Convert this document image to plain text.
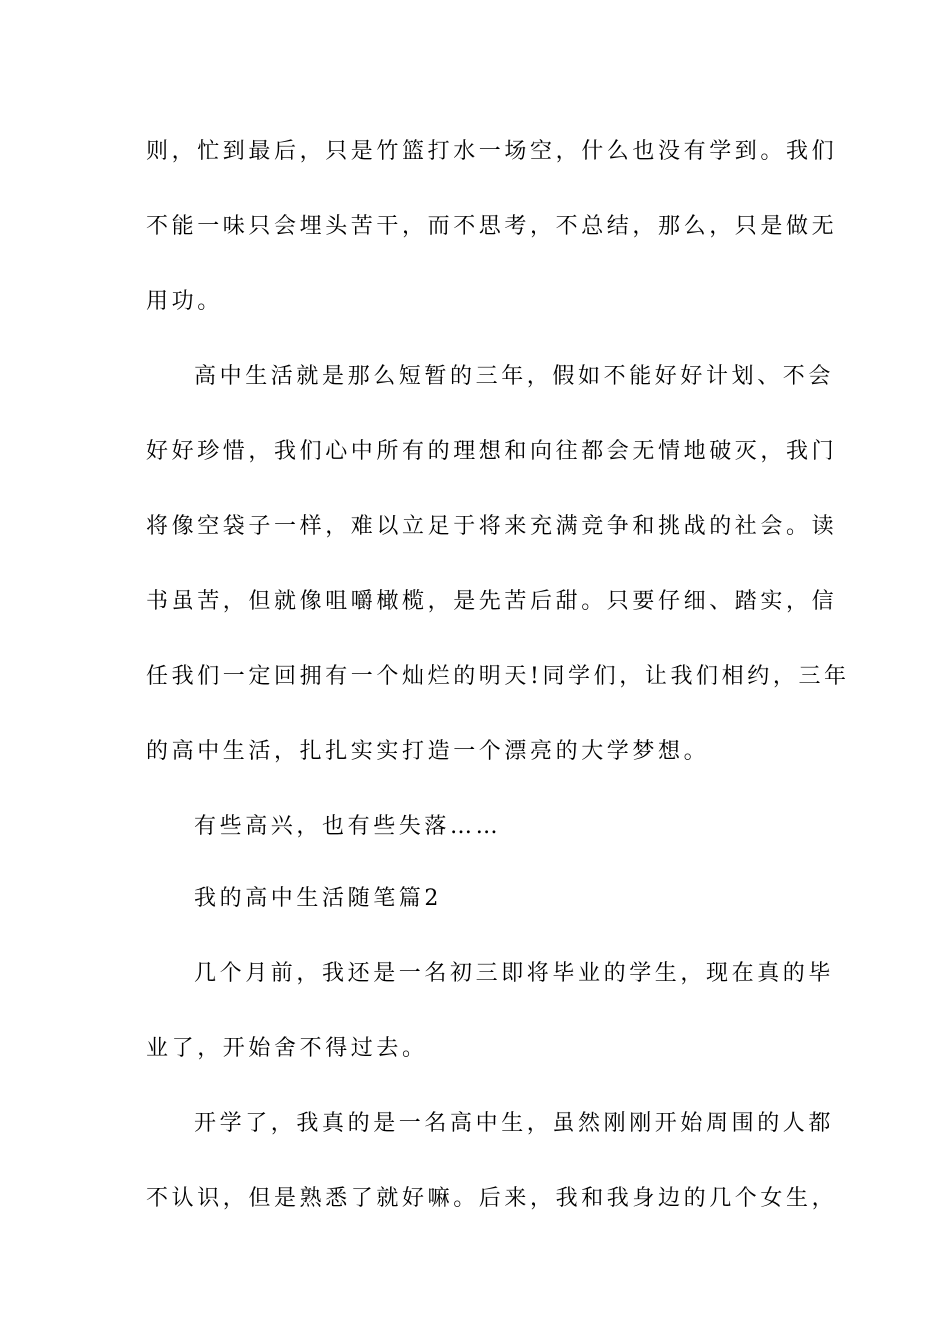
则，忙到最后，只是竹篮打水一场空，什么也没有学到。我们
不能一味只会埋头苦干，而不思考，不总结，那么，只是做无
用功。
高中生活就是那么短暂的三年，假如不能好好计划、不会
好好珍惜，我们心中所有的理想和向往都会无情地破灭，我门
将像空袋子一样，难以立足于将来充满竞争和挑战的社会。读
书虽苦，但就像咀嚼橄榄，是先苦后甜。只要仔细、踏实，信
任我们一定回拥有一个灿烂的明天!同学们，让我们相约，三年
的高中生活，扎扎实实打造一个漂亮的大学梦想。
有些高兴，也有些失落……
我的高中生活随笔篇2
几个月前，我还是一名初三即将毕业的学生，现在真的毕
业了，开始舍不得过去。
开学了，我真的是一名高中生，虽然刚刚开始周围的人都
不认识，但是熟悉了就好嘛。后来，我和我身边的几个女生，
